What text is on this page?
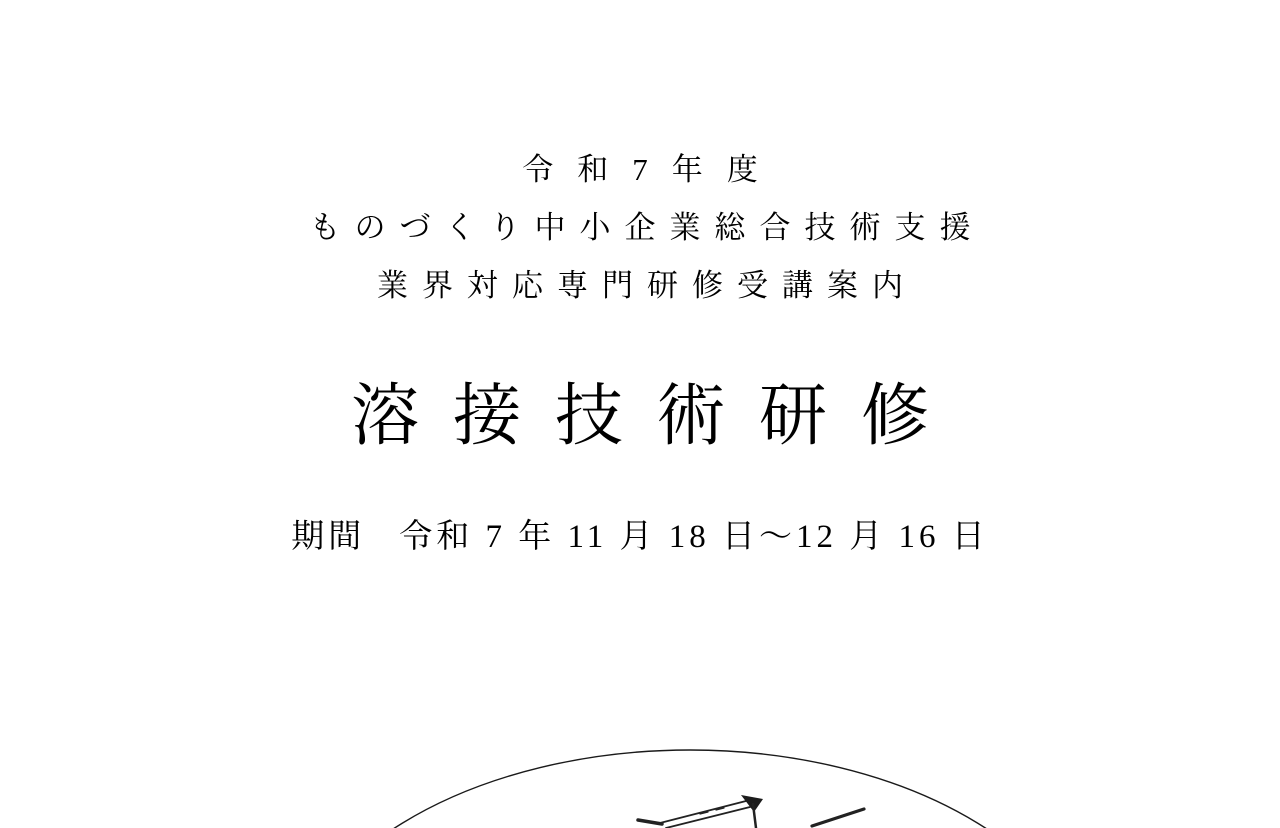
令和7年度
ものづくり中小企業総合技術支援
業界対応専門研修受講案内
溶接技術研修
期間 令和 7 年 11 月 18 日～12 月 16 日
